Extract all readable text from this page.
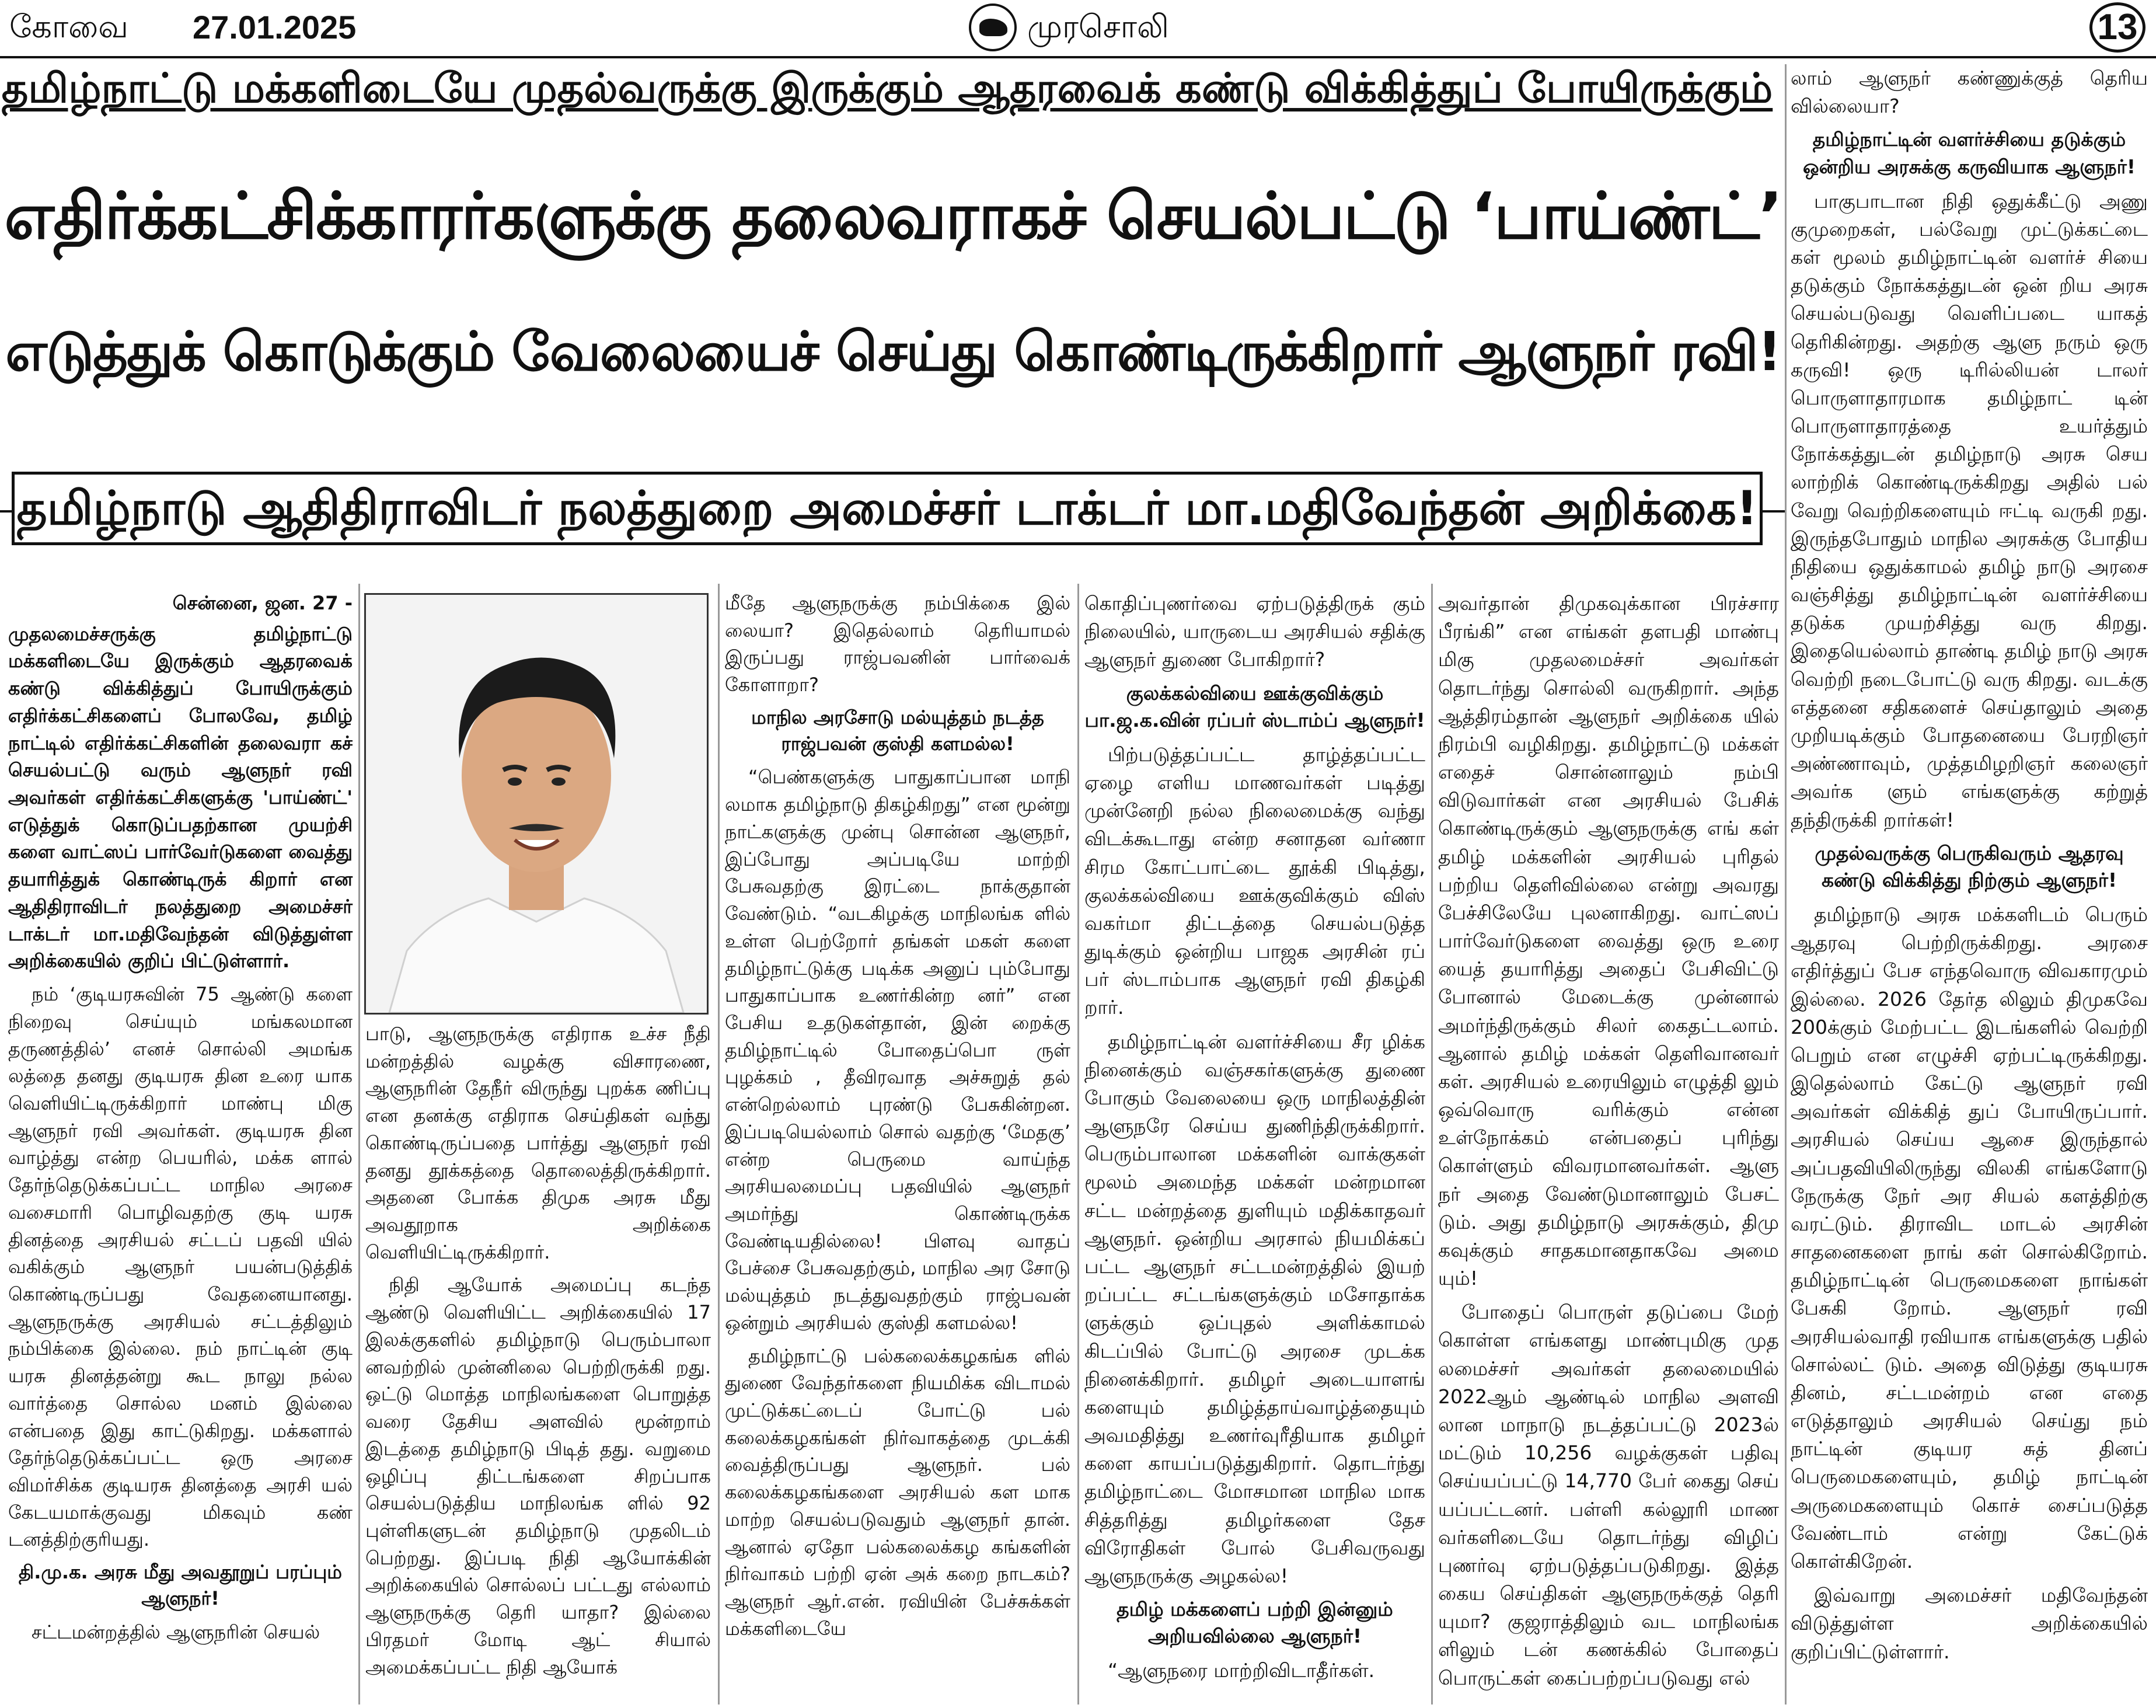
கோவை 27.01.2025	முரசொலி	13
தமிழ்நாட்டு மக்களிடையே முதல்வருக்கு இருக்கும் ஆதரவைக் கண்டு விக்கித்துப் போயிருக்கும்
எதிர்க்கட்சிக்காரர்களுக்கு தலைவராகச் செயல்பட்டு ‘பாய்ண்ட்’
எடுத்துக் கொடுக்கும் வேலையைச் செய்து கொண்டிருக்கிறார் ஆளுநர் ரவி!
தமிழ்நாடு ஆதிதிராவிடர் நலத்துறை அமைச்சர் டாக்டர் மா.மதிவேந்தன் அறிக்கை!

லாம் ஆளுநர் கண்ணுக்குத் தெரிய வில்லையா?

தமிழ்நாட்டின் வளர்ச்சியை தடுக்கும் ஒன்றிய அரசுக்கு கருவியாக ஆளுநர்!

பாகுபாடான நிதி ஒதுக்கீட்டு அணு குமுறைகள், பல்வேறு முட்டுக்கட்டை கள் மூலம் தமிழ்நாட்டின் வளர்ச் சியை தடுக்கும் நோக்கத்துடன் ஒன் றிய அரசு செயல்படுவது வெளிப்படை யாகத் தெரிகின்றது. அதற்கு ஆளு நரும் ஒரு கருவி! ஒரு டிரில்லியன் டாலர் பொருளாதாரமாக தமிழ்நாட் டின் பொருளாதாரத்தை உயர்த்தும் நோக்கத்துடன் தமிழ்நாடு அரசு செய லாற்றிக் கொண்டிருக்கிறது அதில் பல் வேறு வெற்றிகளையும் ஈட்டி வருகி றது. இருந்தபோதும் மாநில அரசுக்கு போதிய நிதியை ஒதுக்காமல் தமிழ் நாடு அரசை வஞ்சித்து தமிழ்நாட்டின் வளர்ச்சியை தடுக்க முயற்சித்து வரு கிறது. இதையெல்லாம் தாண்டி தமிழ் நாடு அரசு வெற்றி நடைபோட்டு வரு கிறது. வடக்கு எத்தனை சதிகளைச் செய்தாலும் அதை முறியடிக்கும் போதனையை பேரறிஞர் அண்ணாவும், முத்தமிழறிஞர் கலைஞர் அவர்க ளும் எங்களுக்கு கற்றுத் தந்திருக்கி றார்கள்!

முதல்வருக்கு பெருகிவரும் ஆதரவு கண்டு விக்கித்து நிற்கும் ஆளுநர்!

தமிழ்நாடு அரசு மக்களிடம் பெரும் ஆதரவு பெற்றிருக்கிறது. அரசை எதிர்த்துப் பேச எந்தவொரு விவகாரமும் இல்லை. 2026 தேர்த லிலும் திமுகவே 200க்கும் மேற்பட்ட இடங்களில் வெற்றி பெறும் என எழுச்சி ஏற்பட்டிருக்கிறது. இதெல்லாம் கேட்டு ஆளுநர் ரவி அவர்கள் விக்கித் துப் போயிருப்பார். அரசியல் செய்ய ஆசை இருந்தால் அப்பதவியிலிருந்து விலகி எங்களோடு நேருக்கு நேர் அர சியல் களத்திற்கு வரட்டும். திராவிட மாடல் அரசின் சாதனைகளை நாங் கள் சொல்கிறோம். தமிழ்நாட்டின் பெருமைகளை நாங்கள் பேசுகி றோம். ஆளுநர் ரவி அரசியல்வாதி ரவியாக எங்களுக்கு பதில் சொல்லட் டும். அதை விடுத்து குடியரசு தினம், சட்டமன்றம் என எதை எடுத்தாலும் அரசியல் செய்து நம் நாட்டின் குடியர சுத் தினப் பெருமைகளையும், தமிழ் நாட்டின் அருமைகளையும் கொச் சைப்படுத்த வேண்டாம் என்று கேட்டுக் கொள்கிறேன்.

இவ்வாறு அமைச்சர் மதிவேந்தன் விடுத்துள்ள அறிக்கையில் குறிப்பிட்டுள்ளார்.

சென்னை, ஜன. 27 -

முதலமைச்சருக்கு தமிழ்நாட்டு மக்களிடையே இருக்கும் ஆதரவைக் கண்டு விக்கித்துப் போயிருக்கும் எதிர்க்கட்சிகளைப் போலவே, தமிழ் நாட்டில் எதிர்க்கட்சிகளின் தலைவரா கச் செயல்பட்டு வரும் ஆளுநர் ரவி அவர்கள் எதிர்க்கட்சிகளுக்கு 'பாய்ண்ட்' எடுத்துக் கொடுப்பதற்கான முயற்சி களை வாட்ஸப் பார்வேர்டுகளை வைத்து தயாரித்துக் கொண்டிருக் கிறார் என ஆதிதிராவிடர் நலத்துறை அமைச்சர் டாக்டர் மா.மதிவேந்தன் விடுத்துள்ள அறிக்கையில் குறிப் பிட்டுள்ளார்.

நம் ‘குடியரசுவின் 75 ஆண்டு களை நிறைவு செய்யும் மங்கலமான தருணத்தில்’ எனச் சொல்லி அமங்க லத்தை தனது குடியரசு தின உரை யாக வெளியிட்டிருக்கிறார் மாண்பு மிகு ஆளுநர் ரவி அவர்கள். குடியரசு தின வாழ்த்து என்ற பெயரில், மக்க ளால் தேர்ந்தெடுக்கப்பட்ட மாநில அரசை வசைமாரி பொழிவதற்கு குடி யரசு தினத்தை அரசியல் சட்டப் பதவி யில் வகிக்கும் ஆளுநர் பயன்படுத்திக் கொண்டிருப்பது வேதனையானது. ஆளுநருக்கு அரசியல் சட்டத்திலும் நம்பிக்கை இல்லை. நம் நாட்டின் குடி யரசு தினத்தன்று கூட நாலு நல்ல வார்த்தை சொல்ல மனம் இல்லை என்பதை இது காட்டுகிறது. மக்களால் தேர்ந்தெடுக்கப்பட்ட ஒரு அரசை விமர்சிக்க குடியரசு தினத்தை அரசி யல் கேடயமாக்குவது மிகவும் கண் டனத்திற்குரியது.

தி.மு.க. அரசு மீது அவதூறுப் பரப்பும் ஆளுநர்!

சட்டமன்றத்தில் ஆளுநரின் செயல்

பாடு, ஆளுநருக்கு எதிராக உச்ச நீதி மன்றத்தில் வழக்கு விசாரணை, ஆளுநரின் தேநீர் விருந்து புறக்க ணிப்பு என தனக்கு எதிராக செய்திகள் வந்து கொண்டிருப்பதை பார்த்து ஆளுநர் ரவி தனது தூக்கத்தை தொலைத்திருக்கிறார். அதனை போக்க திமுக அரசு மீது அவதூறாக அறிக்கை வெளியிட்டிருக்கிறார்.

நிதி ஆயோக் அமைப்பு கடந்த ஆண்டு வெளியிட்ட அறிக்கையில் 17 இலக்குகளில் தமிழ்நாடு பெரும்பாலா னவற்றில் முன்னிலை பெற்றிருக்கி றது. ஒட்டு மொத்த மாநிலங்களை பொறுத்த வரை தேசிய அளவில் மூன்றாம் இடத்தை தமிழ்நாடு பிடித் தது. வறுமை ஒழிப்பு திட்டங்களை சிறப்பாக செயல்படுத்திய மாநிலங்க ளில் 92 புள்ளிகளுடன் தமிழ்நாடு முதலிடம் பெற்றது. இப்படி நிதி ஆயோக்கின் அறிக்கையில் சொல்லப் பட்டது எல்லாம் ஆளுநருக்கு தெரி யாதா? இல்லை பிரதமர் மோடி ஆட் சியால் அமைக்கப்பட்ட நிதி ஆயோக்

மீதே ஆளுநருக்கு நம்பிக்கை இல் லையா? இதெல்லாம் தெரியாமல் இருப்பது ராஜ்பவனின் பார்வைக் கோளாறா?

மாநில அரசோடு மல்யுத்தம் நடத்த ராஜ்பவன் குஸ்தி களமல்ல!

“பெண்களுக்கு பாதுகாப்பான மாநி லமாக தமிழ்நாடு திகழ்கிறது” என மூன்று நாட்களுக்கு முன்பு சொன்ன ஆளுநர், இப்போது அப்படியே மாற்றி பேசுவதற்கு இரட்டை நாக்குதான் வேண்டும். “வடகிழக்கு மாநிலங்க ளில் உள்ள பெற்றோர் தங்கள் மகள் களை தமிழ்நாட்டுக்கு படிக்க அனுப் பும்போது பாதுகாப்பாக உணர்கின்ற னர்” என பேசிய உதடுகள்தான், இன் றைக்கு தமிழ்நாட்டில் போதைப்பொ ருள் புழக்கம் , தீவிரவாத அச்சுறுத் தல் என்றெல்லாம் புரண்டு பேசுகின்றன. இப்படியெல்லாம் சொல் வதற்கு ‘மேதகு’ என்ற பெருமை வாய்ந்த அரசியலமைப்பு பதவியில் ஆளுநர் அமர்ந்து கொண்டிருக்க வேண்டியதில்லை! பிளவு வாதப் பேச்சை பேசுவதற்கும், மாநில அர சோடு மல்யுத்தம் நடத்துவதற்கும் ராஜ்பவன் ஒன்றும் அரசியல் குஸ்தி களமல்ல!

தமிழ்நாட்டு பல்கலைக்கழகங்க ளில் துணை வேந்தர்களை நியமிக்க விடாமல் முட்டுக்கட்டைப் போட்டு பல் கலைக்கழகங்கள் நிர்வாகத்தை முடக்கி வைத்திருப்பது ஆளுநர். பல் கலைக்கழகங்களை அரசியல் கள மாக மாற்ற செயல்படுவதும் ஆளுநர் தான். ஆனால் ஏதோ பல்கலைக்கழ கங்களின் நிர்வாகம் பற்றி ஏன் அக் கறை நாடகம்? ஆளுநர் ஆர்.என். ரவியின் பேச்சுக்கள் மக்களிடையே

கொதிப்புணர்வை ஏற்படுத்திருக் கும் நிலையில், யாருடைய அரசியல் சதிக்கு ஆளுநர் துணை போகிறார்?

குலக்கல்வியை ஊக்குவிக்கும் பா.ஜ.க.வின் ரப்பர் ஸ்டாம்ப் ஆளுநர்!

பிற்படுத்தப்பட்ட தாழ்த்தப்பட்ட ஏழை எளிய மாணவர்கள் படித்து முன்னேறி நல்ல நிலைமைக்கு வந்து விடக்கூடாது என்ற சனாதன வர்ணா சிரம கோட்பாட்டை தூக்கி பிடித்து, குலக்கல்வியை ஊக்குவிக்கும் விஸ் வகர்மா திட்டத்தை செயல்படுத்த துடிக்கும் ஒன்றிய பாஜக அரசின் ரப் பர் ஸ்டாம்பாக ஆளுநர் ரவி திகழ்கி றார்.

தமிழ்நாட்டின் வளர்ச்சியை சீர ழிக்க நினைக்கும் வஞ்சகர்களுக்கு துணை போகும் வேலையை ஒரு மாநிலத்தின் ஆளுநரே செய்ய துணிந்திருக்கிறார். பெரும்பாலான மக்களின் வாக்குகள் மூலம் அமைந்த மக்கள் மன்றமான சட்ட மன்றத்தை துளியும் மதிக்காதவர் ஆளுநர். ஒன்றிய அரசால் நியமிக்கப் பட்ட ஆளுநர் சட்டமன்றத்தில் இயற் றப்பட்ட சட்டங்களுக்கும் மசோதாக்க ளுக்கும் ஒப்புதல் அளிக்காமல் கிடப்பில் போட்டு அரசை முடக்க நினைக்கிறார். தமிழர் அடையாளங் களையும் தமிழ்த்தாய்வாழ்த்தையும் அவமதித்து உணர்வுரீதியாக தமிழர் களை காயப்படுத்துகிறார். தொடர்ந்து தமிழ்நாட்டை மோசமான மாநில மாக சித்தரித்து தமிழர்களை தேச விரோதிகள் போல் பேசிவருவது ஆளுநருக்கு அழகல்ல!

தமிழ் மக்களைப் பற்றி இன்னும் அறியவில்லை ஆளுநர்!

“ஆளுநரை மாற்றிவிடாதீர்கள்.

அவர்தான் திமுகவுக்கான பிரச்சார பீரங்கி” என எங்கள் தளபதி மாண்பு மிகு முதலமைச்சர் அவர்கள் தொடர்ந்து சொல்லி வருகிறார். அந்த ஆத்திரம்தான் ஆளுநர் அறிக்கை யில் நிரம்பி வழிகிறது. தமிழ்நாட்டு மக்கள் எதைச் சொன்னாலும் நம்பி விடுவார்கள் என அரசியல் பேசிக் கொண்டிருக்கும் ஆளுநருக்கு எங் கள் தமிழ் மக்களின் அரசியல் புரிதல் பற்றிய தெளிவில்லை என்று அவரது பேச்சிலேயே புலனாகிறது. வாட்ஸப் பார்வேர்டுகளை வைத்து ஒரு உரை யைத் தயாரித்து அதைப் பேசிவிட்டு போனால் மேடைக்கு முன்னால் அமர்ந்திருக்கும் சிலர் கைதட்டலாம். ஆனால் தமிழ் மக்கள் தெளிவானவர் கள். அரசியல் உரையிலும் எழுத்தி லும் ஒவ்வொரு வரிக்கும் என்ன உள்நோக்கம் என்பதைப் புரிந்து கொள்ளும் விவரமானவர்கள். ஆளு நர் அதை வேண்டுமானாலும் பேசட் டும். அது தமிழ்நாடு அரசுக்கும், திமு கவுக்கும் சாதகமானதாகவே அமை யும்!

போதைப் பொருள் தடுப்பை மேற் கொள்ள எங்களது மாண்புமிகு முத லமைச்சர் அவர்கள் தலைமையில் 2022ஆம் ஆண்டில் மாநில அளவி லான மாநாடு நடத்தப்பட்டு 2023ல் மட்டும் 10,256 வழக்குகள் பதிவு செய்யப்பட்டு 14,770 பேர் கைது செய் யப்பட்டனர். பள்ளி கல்லூரி மாண வர்களிடையே தொடர்ந்து விழிப் புணர்வு ஏற்படுத்தப்படுகிறது. இத்த கைய செய்திகள் ஆளுநருக்குத் தெரி யுமா? குஜராத்திலும் வட மாநிலங்க ளிலும் டன் கணக்கில் போதைப் பொருட்கள் கைப்பற்றப்படுவது எல்
